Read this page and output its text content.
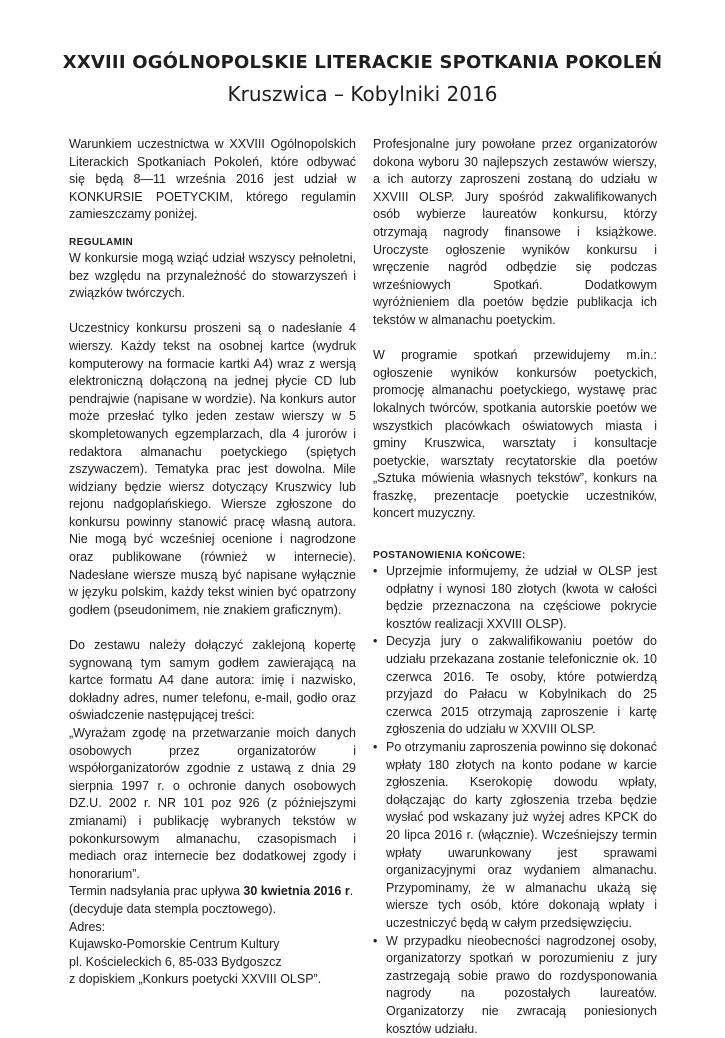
XXVIII OGÓLNOPOLSKIE LITERACKIE SPOTKANIA POKOLEŃ
Kruszwica – Kobylniki 2016

Warunkiem uczestnictwa w XXVIII Ogólnopolskich Literackich Spotkaniach Pokoleń, które odbywać się będą 8—11 września 2016 jest udział w KONKURSIE POETYCKIM, którego regulamin zamieszczamy poniżej.

REGULAMIN

W konkursie mogą wziąć udział wszyscy pełnoletni, bez względu na przynależność do stowarzyszeń i związków twórczych.

Uczestnicy konkursu proszeni są o nadesłanie 4 wierszy. Każdy tekst na osobnej kartce (wydruk komputerowy na formacie kartki A4) wraz z wersją elektroniczną dołączoną na jednej płycie CD lub pendrajwie (napisane w wordzie). Na konkurs autor może przesłać tylko jeden zestaw wierszy w 5 skompletowanych egzemplarzach, dla 4 jurorów i redaktora almanachu poetyckiego (spiętych zszywaczem). Tematyka prac jest dowolna. Mile widziany będzie wiersz dotyczący Kruszwicy lub rejonu nadgoplańskiego. Wiersze zgłoszone do konkursu powinny stanowić pracę własną autora. Nie mogą być wcześniej ocenione i nagrodzone oraz publikowane (również w internecie). Nadesłane wiersze muszą być napisane wyłącznie w języku polskim, każdy tekst winien być opatrzony godłem (pseudonimem, nie znakiem graficznym).

Do zestawu należy dołączyć zaklejoną kopertę sygnowaną tym samym godłem zawierającą na kartce formatu A4 dane autora: imię i nazwisko, dokładny adres, numer telefonu, e-mail, godło oraz oświadczenie następującej treści:

„Wyrażam zgodę na przetwarzanie moich danych osobowych przez organizatorów i współorganizatorów zgodnie z ustawą z dnia 29 sierpnia 1997 r. o ochronie danych osobowych DZ.U. 2002 r. NR 101 poz 926 (z późniejszymi zmianami) i publikację wybranych tekstów w pokonkursowym almanachu, czasopismach i mediach oraz internecie bez dodatkowej zgody i honorarium”.

Termin nadsyłania prac upływa 30 kwietnia 2016 r. (decyduje data stempla pocztowego).

Adres:

Kujawsko-Pomorskie Centrum Kultury

pl. Kościeleckich 6, 85-033 Bydgoszcz

z dopiskiem „Konkurs poetycki XXVIII OLSP”.

Profesjonalne jury powołane przez organizatorów dokona wyboru 30 najlepszych zestawów wierszy, a ich autorzy zaproszeni zostaną do udziału w XXVIII OLSP. Jury spośród zakwalifikowanych osób wybierze laureatów konkursu, którzy otrzymają nagrody finansowe i książkowe. Uroczyste ogłoszenie wyników konkursu i wręczenie nagród odbędzie się podczas wrześniowych Spotkań. Dodatkowym wyróżnieniem dla poetów będzie publikacja ich tekstów w almanachu poetyckim.

W programie spotkań przewidujemy m.in.: ogłoszenie wyników konkursów poetyckich, promocję almanachu poetyckiego, wystawę prac lokalnych twórców, spotkania autorskie poetów we wszystkich placówkach oświatowych miasta i gminy Kruszwica, warsztaty i konsultacje poetyckie, warsztaty recytatorskie dla poetów „Sztuka mówienia własnych tekstów”, konkurs na fraszkę, prezentacje poetyckie uczestników, koncert muzyczny.

POSTANOWIENIA KOŃCOWE:
• Uprzejmie informujemy, że udział w OLSP jest odpłatny i wynosi 180 złotych (kwota w całości będzie przeznaczona na częściowe pokrycie kosztów realizacji XXVIII OLSP).
• Decyzja jury o zakwalifikowaniu poetów do udziału przekazana zostanie telefonicznie ok. 10 czerwca 2016. Te osoby, które potwierdzą przyjazd do Pałacu w Kobylnikach do 25 czerwca 2015 otrzymają zaproszenie i kartę zgłoszenia do udziału w XXVIII OLSP.
• Po otrzymaniu zaproszenia powinno się dokonać wpłaty 180 złotych na konto podane w karcie zgłoszenia. Kserokopię dowodu wpłaty, dołączając do karty zgłoszenia trzeba będzie wysłać pod wskazany już wyżej adres KPCK do 20 lipca 2016 r. (włącznie). Wcześniejszy termin wpłaty uwarunkowany jest sprawami organizacyjnymi oraz wydaniem almanachu. Przypominamy, że w almanachu ukażą się wiersze tych osób, które dokonają wpłaty i uczestniczyć będą w całym przedsięwzięciu.
• W przypadku nieobecności nagrodzonej osoby, organizatorzy spotkań w porozumieniu z jury zastrzegają sobie prawo do rozdysponowania nagrody na pozostałych laureatów. Organizatorzy nie zwracają poniesionych kosztów udziału.
